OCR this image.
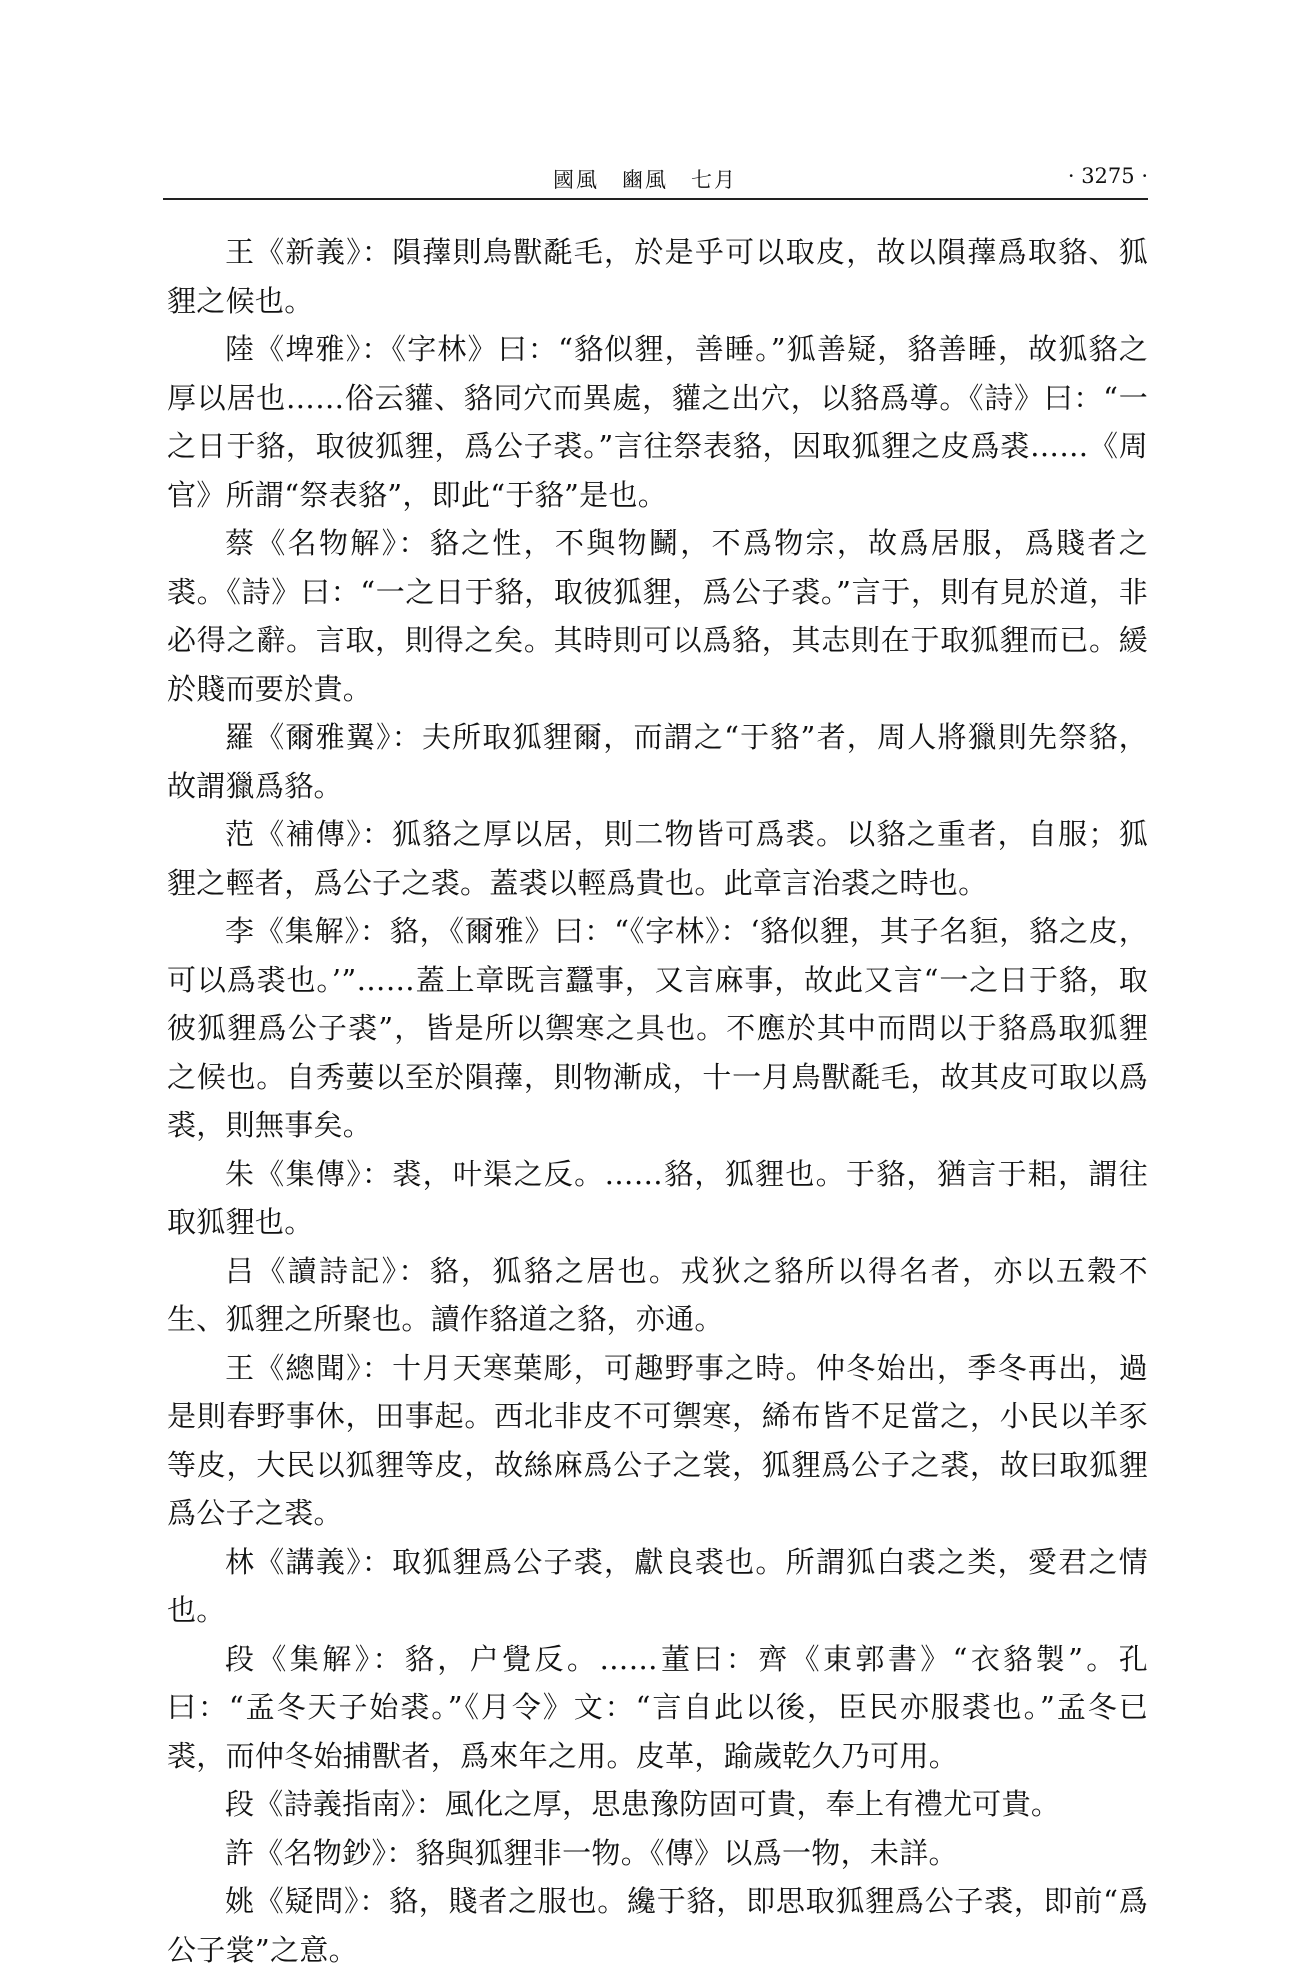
國風　豳風　七月	· 3275 ·

王《新義》：隕蘀則鳥獸氄毛，於是乎可以取皮，故以隕蘀爲取貉、狐貍之候也。

陸《埤雅》：《字林》曰：“貉似貍，善睡。”狐善疑，貉善睡，故狐貉之厚以居也……俗云貛、貉同穴而異處，貛之出穴，以貉爲導。《詩》曰：“一之日于貉，取彼狐貍，爲公子裘。”言往祭表貉，因取狐貍之皮爲裘……《周官》所謂“祭表貉”，即此“于貉”是也。

蔡《名物解》：貉之性，不與物鬭，不爲物宗，故爲居服，爲賤者之裘。《詩》曰：“一之日于貉，取彼狐貍，爲公子裘。”言于，則有見於道，非必得之辭。言取，則得之矣。其時則可以爲貉，其志則在于取狐貍而已。緩於賤而要於貴。

羅《爾雅翼》：夫所取狐貍爾，而謂之“于貉”者，周人將獵則先祭貉，故謂獵爲貉。

范《補傳》：狐貉之厚以居，則二物皆可爲裘。以貉之重者，自服；狐貍之輕者，爲公子之裘。蓋裘以輕爲貴也。此章言治裘之時也。

李《集解》：貉，《爾雅》曰：“《字林》：‘貉似貍，其子名貆，貉之皮，可以爲裘也。’”……蓋上章既言蠶事，又言麻事，故此又言“一之日于貉，取彼狐貍爲公子裘”，皆是所以禦寒之具也。不應於其中而問以于貉爲取狐貍之候也。自秀葽以至於隕蘀，則物漸成，十一月鳥獸氄毛，故其皮可取以爲裘，則無事矣。

朱《集傳》：裘，叶渠之反。……貉，狐貍也。于貉，猶言于耜，謂往取狐貍也。

吕《讀詩記》：貉，狐貉之居也。戎狄之貉所以得名者，亦以五穀不生、狐貍之所聚也。讀作貉道之貉，亦通。

王《總聞》：十月天寒葉彫，可趣野事之時。仲冬始出，季冬再出，過是則春野事休，田事起。西北非皮不可禦寒，絺布皆不足當之，小民以羊豕等皮，大民以狐貍等皮，故絲麻爲公子之裳，狐貍爲公子之裘，故曰取狐貍爲公子之裘。

林《講義》：取狐貍爲公子裘，獻良裘也。所謂狐白裘之类，愛君之情也。

段《集解》：貉，户覺反。……董曰：齊《東郭書》“衣貉製”。孔曰：“孟冬天子始裘。”《月令》文：“言自此以後，臣民亦服裘也。”孟冬已裘，而仲冬始捕獸者，爲來年之用。皮革，踰歲乾久乃可用。

段《詩義指南》：風化之厚，思患豫防固可貴，奉上有禮尤可貴。

許《名物鈔》：貉與狐貍非一物。《傳》以爲一物，未詳。

姚《疑問》：貉，賤者之服也。纔于貉，即思取狐貍爲公子裘，即前“爲公子裳”之意。
